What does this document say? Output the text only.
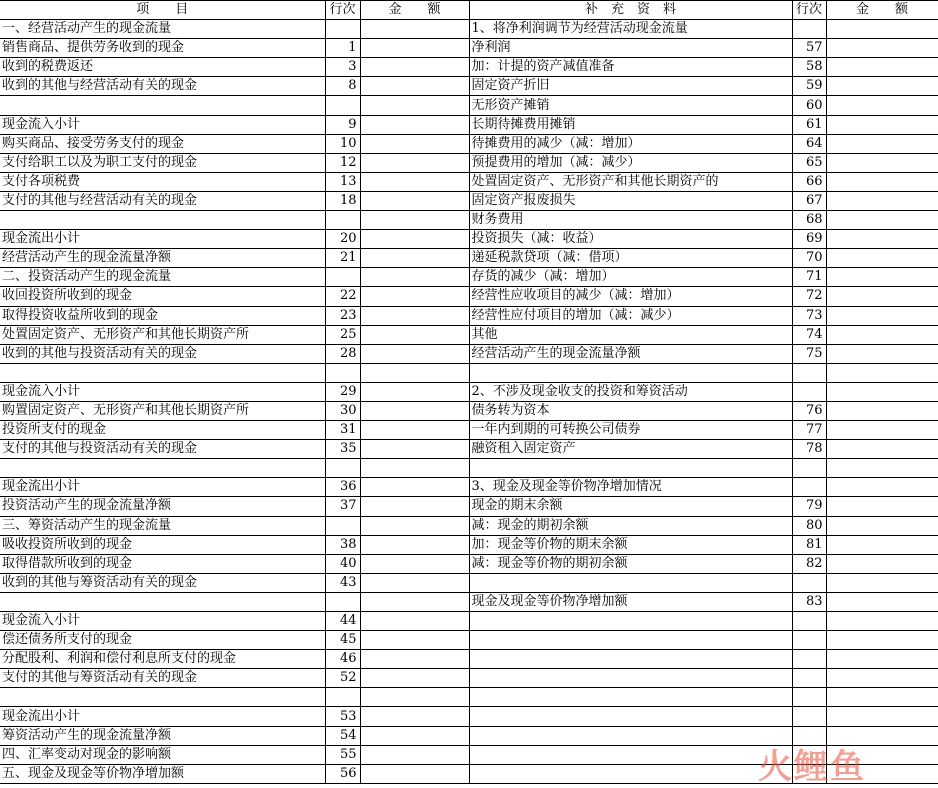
项　　目	行次	金　　额	补　充　资　料	行次	金　　额
一、经营活动产生的现金流量			1、将净利润调节为经营活动现金流量		
销售商品、提供劳务收到的现金	1		净利润	57	
收到的税费返还	3		加：计提的资产减值准备	58	
收到的其他与经营活动有关的现金	8		固定资产折旧	59	
			无形资产摊销	60	
现金流入小计	9		长期待摊费用摊销	61	
购买商品、接受劳务支付的现金	10		待摊费用的减少（减：增加）	64	
支付给职工以及为职工支付的现金	12		预提费用的增加（减：减少）	65	
支付各项税费	13		处置固定资产、无形资产和其他长期资产的	66	
支付的其他与经营活动有关的现金	18		固定资产报废损失	67	
			财务费用	68	
现金流出小计	20		投资损失（减：收益）	69	
经营活动产生的现金流量净额	21		递延税款贷项（减：借项）	70	
二、投资活动产生的现金流量			存货的减少（减：增加）	71	
收回投资所收到的现金	22		经营性应收项目的减少（减：增加）	72	
取得投资收益所收到的现金	23		经营性应付项目的增加（减：减少）	73	
处置固定资产、无形资产和其他长期资产所	25		其他	74	
收到的其他与投资活动有关的现金	28		经营活动产生的现金流量净额	75	

现金流入小计	29		2、不涉及现金收支的投资和筹资活动		
购置固定资产、无形资产和其他长期资产所	30		债务转为资本	76	
投资所支付的现金	31		一年内到期的可转换公司债券	77	
支付的其他与投资活动有关的现金	35		融资租入固定资产	78	

现金流出小计	36		3、现金及现金等价物净增加情况		
投资活动产生的现金流量净额	37		现金的期末余额	79	
三、筹资活动产生的现金流量			减：现金的期初余额	80	
吸收投资所收到的现金	38		加：现金等价物的期末余额	81	
取得借款所收到的现金	40		减：现金等价物的期初余额	82	
收到的其他与筹资活动有关的现金	43				
			现金及现金等价物净增加额	83	
现金流入小计	44				
偿还债务所支付的现金	45				
分配股利、利润和偿付利息所支付的现金	46				
支付的其他与筹资活动有关的现金	52				

现金流出小计	53				
筹资活动产生的现金流量净额	54				
四、汇率变动对现金的影响额	55				
五、现金及现金等价物净增加额	56					火鲤鱼
